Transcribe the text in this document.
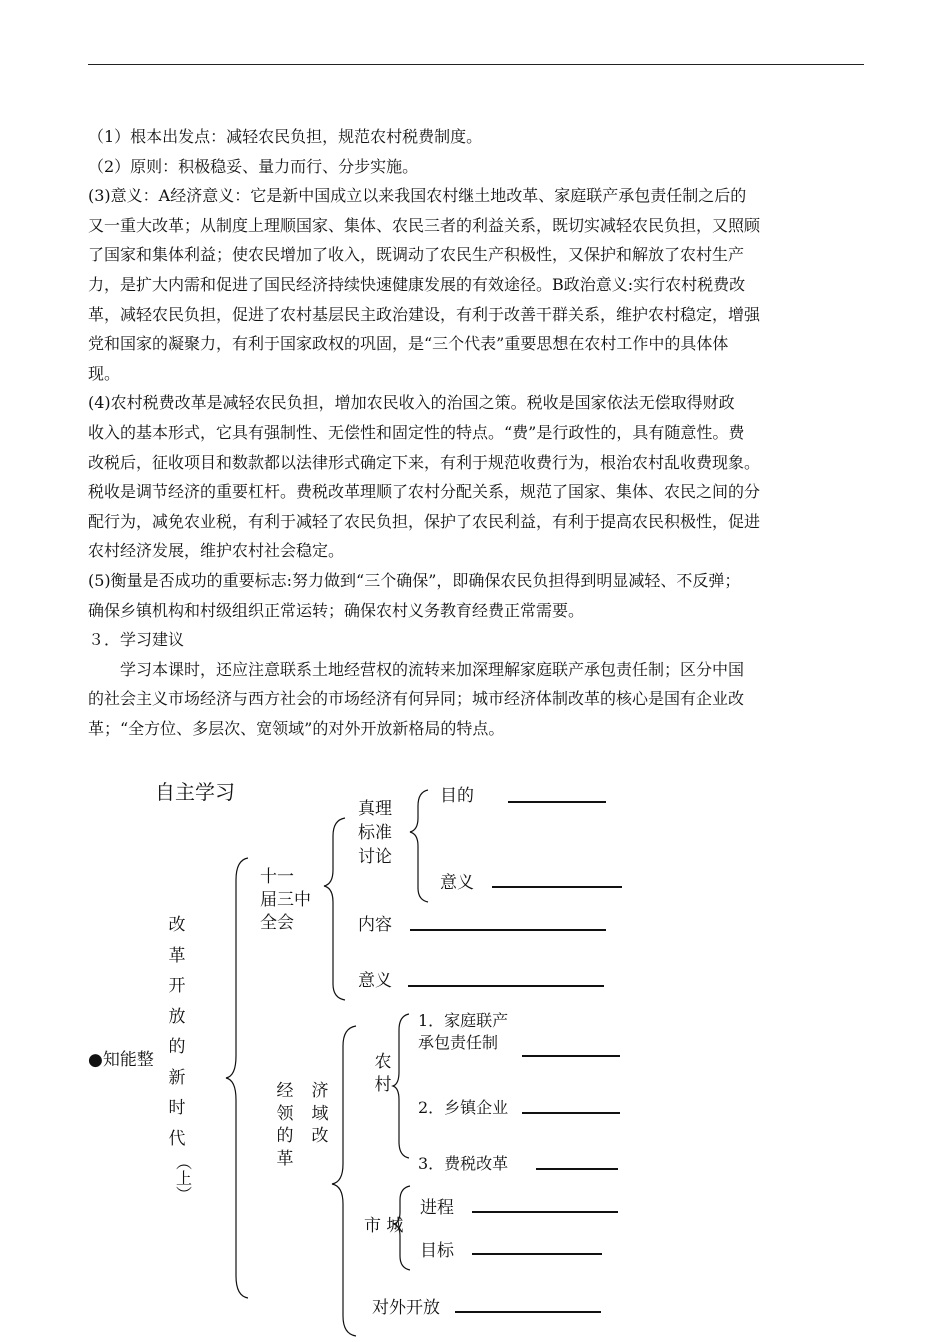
（1）根本出发点：减轻农民负担，规范农村税费制度。
（2）原则：积极稳妥、量力而行、分步实施。
(3)意义：A经济意义：它是新中国成立以来我国农村继土地改革、家庭联产承包责任制之后的
又一重大改革；从制度上理顺国家、集体、农民三者的利益关系，既切实减轻农民负担，又照顾
了国家和集体利益；使农民增加了收入，既调动了农民生产积极性，又保护和解放了农村生产
力，是扩大内需和促进了国民经济持续快速健康发展的有效途径。B政治意义:实行农村税费改
革，减轻农民负担，促进了农村基层民主政治建设，有利于改善干群关系，维护农村稳定，增强
党和国家的凝聚力，有利于国家政权的巩固，是“三个代表”重要思想在农村工作中的具体体
现。
(4)农村税费改革是减轻农民负担，增加农民收入的治国之策。税收是国家依法无偿取得财政
收入的基本形式，它具有强制性、无偿性和固定性的特点。“费”是行政性的，具有随意性。费
改税后，征收项目和数款都以法律形式确定下来，有利于规范收费行为，根治农村乱收费现象。
税收是调节经济的重要杠杆。费税改革理顺了农村分配关系，规范了国家、集体、农民之间的分
配行为，减免农业税，有利于减轻了农民负担，保护了农民利益，有利于提高农民积极性，促进
农村经济发展，维护农村社会稳定。
(5)衡量是否成功的重要标志:努力做到“三个确保”，即确保农民负担得到明显减轻、不反弹；
确保乡镇机构和村级组织正常运转；确保农村义务教育经费正常需要。
３．学习建议
　　学习本课时，还应注意联系土地经营权的流转来加深理解家庭联产承包责任制；区分中国
的社会主义市场经济与西方社会的市场经济有何异同；城市经济体制改革的核心是国有企业改
革；“全方位、多层次、宽领域”的对外开放新格局的特点。
自主学习
●知能整
改
革
开
放
的
新
时
代
（上）
十一
届三中
全会
真理
标准
讨论
目的
意义
内容
意义
经
领
的
革
济
域
改
农
村
1．家庭联产
承包责任制
2．乡镇企业
3．费税改革
市 城
进程
目标
对外开放
